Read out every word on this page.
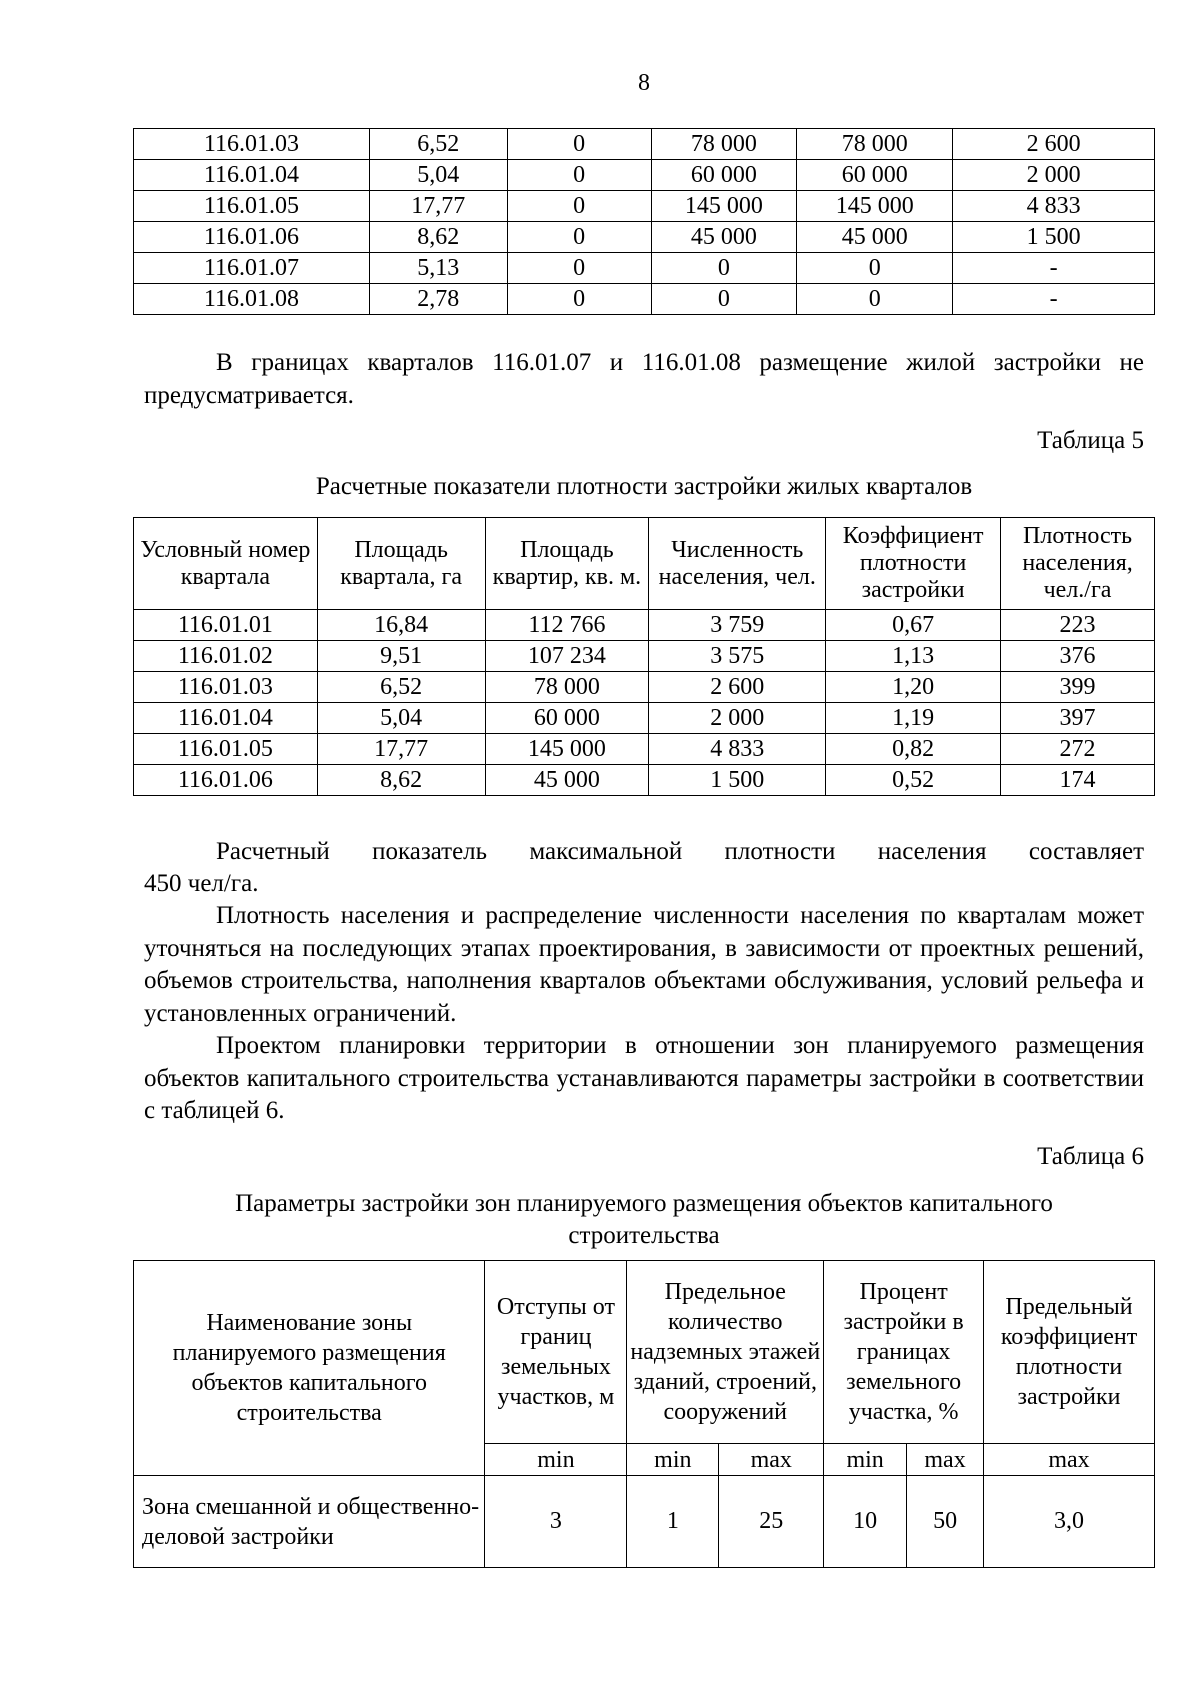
8
116.01.03	6,52	0	78 000	78 000	2 600
116.01.04	5,04	0	60 000	60 000	2 000
116.01.05	17,77	0	145 000	145 000	4 833
116.01.06	8,62	0	45 000	45 000	1 500
116.01.07	5,13	0	0	0	-
116.01.08	2,78	0	0	0	-

В границах кварталов 116.01.07 и 116.01.08 размещение жилой застройки не предусматривается.

Таблица 5

Расчетные показатели плотности застройки жилых кварталов

Условный номер квартала	Площадь квартала, га	Площадь квартир, кв. м.	Численность населения, чел.	Коэффициент плотности застройки	Плотность населения, чел./га
116.01.01	16,84	112 766	3 759	0,67	223
116.01.02	9,51	107 234	3 575	1,13	376
116.01.03	6,52	78 000	2 600	1,20	399
116.01.04	5,04	60 000	2 000	1,19	397
116.01.05	17,77	145 000	4 833	0,82	272
116.01.06	8,62	45 000	1 500	0,52	174

Расчетный показатель максимальной плотности населения составляет

450 чел/га.

Плотность населения и распределение численности населения по кварталам может уточняться на последующих этапах проектирования, в зависимости от проектных решений, объемов строительства, наполнения кварталов объектами обслуживания, условий рельефа и установленных ограничений.

Проектом планировки территории в отношении зон планируемого размещения объектов капитального строительства устанавливаются параметры застройки в соответствии с таблицей 6.

Таблица 6

Параметры застройки зон планируемого размещения объектов капитального

строительства

Наименование зоны планируемого размещения объектов капитального строительства	Отступы от границ земельных участков, м	Предельное количество надземных этажей зданий, строений, сооружений		Процент застройки в границах земельного участка, %		Предельный коэффициент плотности застройки
	min	min	max	min	max	max
Зона смешанной и общественно-деловой застройки	3	1	25	10	50	3,0
